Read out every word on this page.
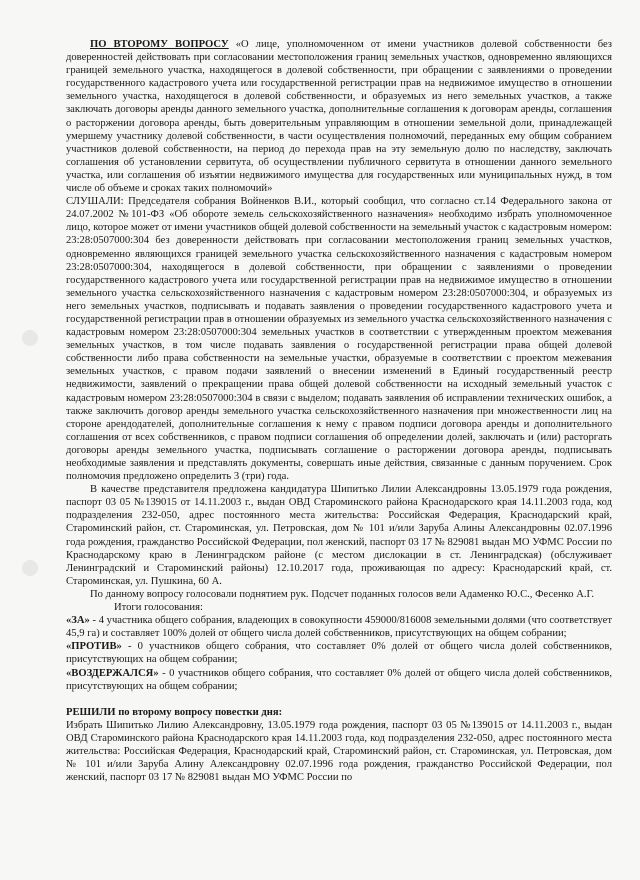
ПО ВТОРОМУ ВОПРОСУ «О лице, уполномоченном от имени участников долевой собственности без доверенностей действовать при согласовании местоположения границ земельных участков, одновременно являющихся границей земельного участка, находящегося в долевой собственности, при обращении с заявлениями о проведении государственного кадастрового учета или государственной регистрации прав на недвижимое имущество в отношении земельного участка, находящегося в долевой собственности, и образуемых из него земельных участков, а также заключать договоры аренды данного земельного участка, дополнительные соглашения к договорам аренды, соглашения о расторжении договора аренды, быть доверительным управляющим в отношении земельной доли, принадлежащей умершему участнику долевой собственности, в части осуществления полномочий, переданных ему общим собранием участников долевой собственности, на период до перехода прав на эту земельную долю по наследству, заключать соглашения об установлении сервитута, об осуществлении публичного сервитута в отношении данного земельного участка, или соглашения об изъятии недвижимого имущества для государственных или муниципальных нужд, в том числе об объеме и сроках таких полномочий»

СЛУШАЛИ: Председателя собрания Войненков В.И., который сообщил, что согласно ст.14 Федерального закона от 24.07.2002 №101-ФЗ «Об обороте земель сельскохозяйственного назначения» необходимо избрать уполномоченное лицо, которое может от имени участников общей долевой собственности на земельный участок с кадастровым номером: 23:28:0507000:304 без доверенности действовать при согласовании местоположения границ земельных участков, одновременно являющихся границей земельного участка сельскохозяйственного назначения с кадастровым номером 23:28:0507000:304, находящегося в долевой собственности, при обращении с заявлениями о проведении государственного кадастрового учета или государственной регистрации прав на недвижимое имущество в отношении земельного участка сельскохозяйственного назначения с кадастровым номером 23:28:0507000:304, и образуемых из него земельных участков, подписывать и подавать заявления о проведении государственного кадастрового учета и государственной регистрации прав в отношении образуемых из земельного участка сельскохозяйственного назначения с кадастровым номером 23:28:0507000:304 земельных участков в соответствии с утвержденным проектом межевания земельных участков, в том числе подавать заявления о государственной регистрации права общей долевой собственности либо права собственности на земельные участки, образуемые в соответствии с проектом межевания земельных участков, с правом подачи заявлений о внесении изменений в Единый государственный реестр недвижимости, заявлений о прекращении права общей долевой собственности на исходный земельный участок с кадастровым номером 23:28:0507000:304 в связи с выделом; подавать заявления об исправлении технических ошибок, а также заключить договор аренды земельного участка сельскохозяйственного назначения при множественности лиц на стороне арендодателей, дополнительные соглашения к нему с правом подписи договора аренды и дополнительного соглашения от всех собственников, с правом подписи соглашения об определении долей, заключать и (или) расторгать договоры аренды земельного участка, подписывать соглашение о расторжении договора аренды, подписывать необходимые заявления и представлять документы, совершать иные действия, связанные с данным поручением. Срок полномочия предложено определить 3 (три) года.

В качестве представителя предложена кандидатура Шипитько Лилии Александровны 13.05.1979 года рождения, паспорт 03 05 №139015 от 14.11.2003 г., выдан ОВД Староминского района Краснодарского края 14.11.2003 года, код подразделения 232-050, адрес постоянного места жительства: Российская Федерация, Краснодарский край, Староминский район, ст. Староминская, ул. Петровская, дом № 101 и/или Заруба Алины Александровны 02.07.1996 года рождения, гражданство Российской Федерации, пол женский, паспорт 03 17 № 829081 выдан МО УФМС России по Краснодарскому краю в Ленинградском районе (с местом дислокации в ст. Ленинградская) (обслуживает Ленинградский и Староминский районы) 12.10.2017 года, проживающая по адресу: Краснодарский край, ст. Староминская, ул. Пушкина, 60 А.

По данному вопросу голосовали поднятием рук. Подсчет поданных голосов вели Адаменко Ю.С., Фесенко А.Г.

Итоги голосования:

«ЗА» - 4 участника общего собрания, владеющих в совокупности 459000/816008 земельными долями (что соответствует 45,9 га) и составляет 100% долей от общего числа долей собственников, присутствующих на общем собрании;

«ПРОТИВ» - 0 участников общего собрания, что составляет 0% долей от общего числа долей собственников, присутствующих на общем собрании;

«ВОЗДЕРЖАЛСЯ» - 0 участников общего собрания, что составляет 0% долей от общего числа долей собственников, присутствующих на общем собрании;

РЕШИЛИ по второму вопросу повестки дня:

Избрать Шипитько Лилию Александровну, 13.05.1979 года рождения, паспорт 03 05 №139015 от 14.11.2003 г., выдан ОВД Староминского района Краснодарского края 14.11.2003 года, код подразделения 232-050, адрес постоянного места жительства: Российская Федерация, Краснодарский край, Староминский район, ст. Староминская, ул. Петровская, дом № 101 и/или Заруба Алину Александровну 02.07.1996 года рождения, гражданство Российской Федерации, пол женский, паспорт 03 17 № 829081 выдан МО УФМС России по
